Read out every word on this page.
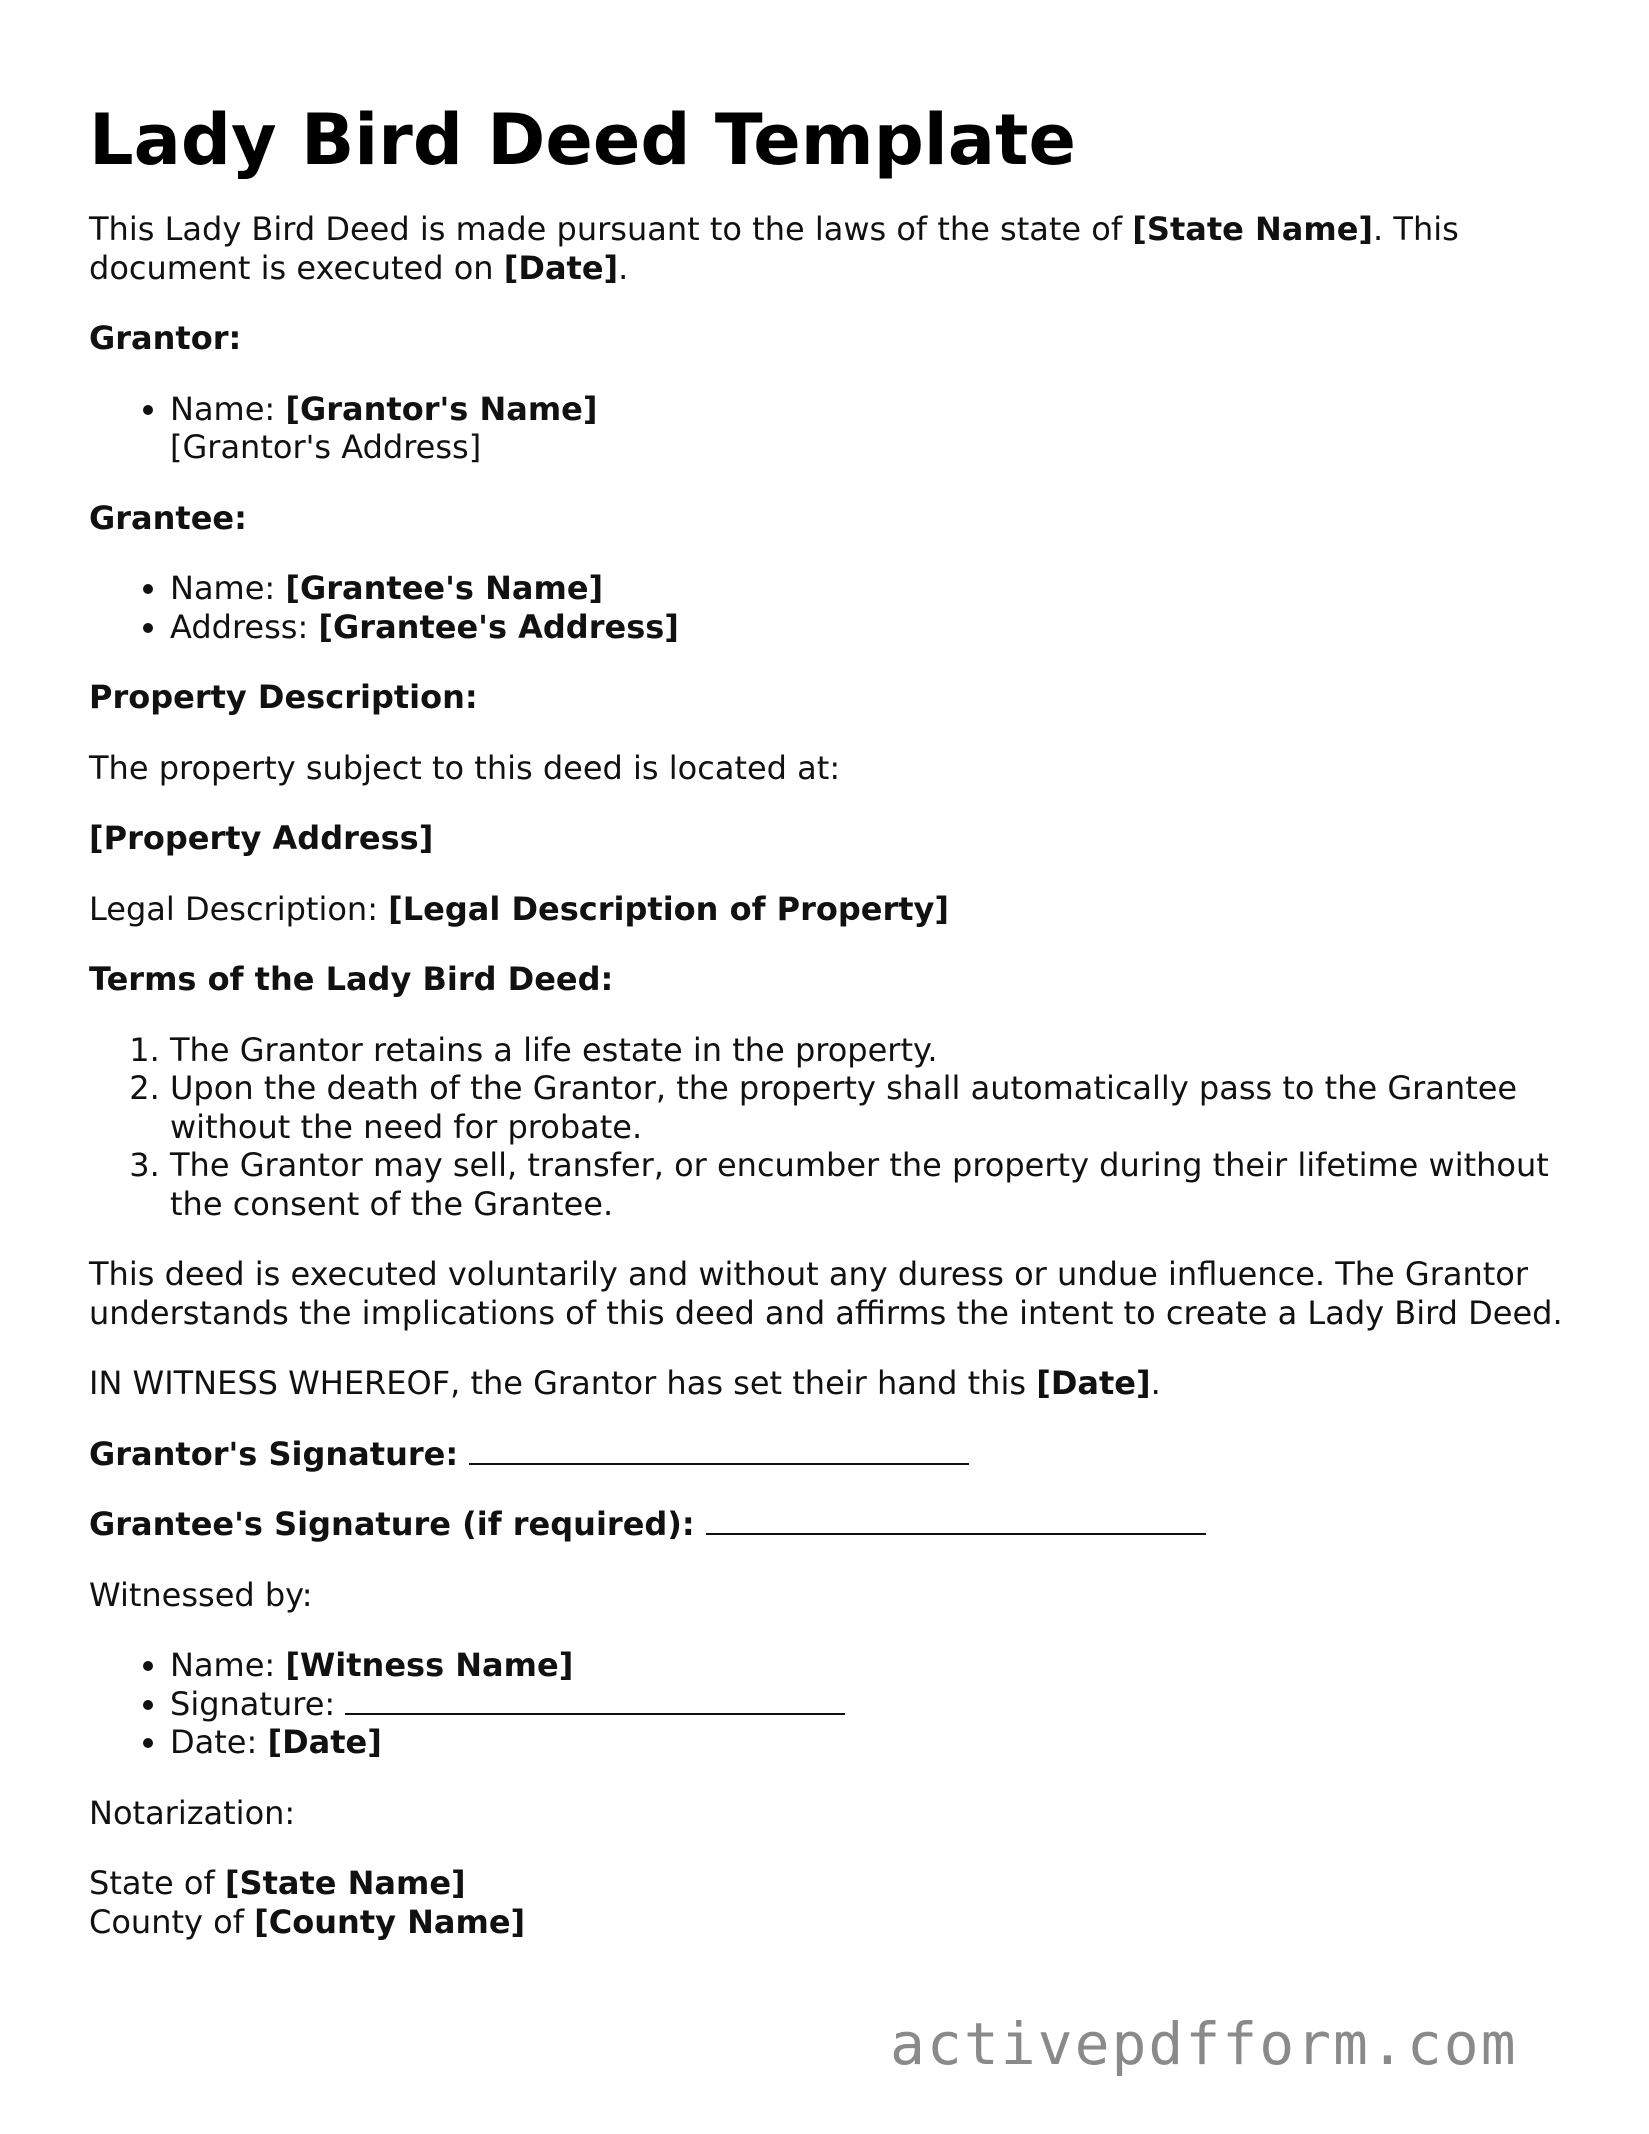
Lady Bird Deed Template

This Lady Bird Deed is made pursuant to the laws of the state of [State Name]. This document is executed on [Date].

Grantor:

• Name: [Grantor's Name]
[Grantor's Address]

Grantee:

• Name: [Grantee's Name]
• Address: [Grantee's Address]

Property Description:

The property subject to this deed is located at:

[Property Address]

Legal Description: [Legal Description of Property]

Terms of the Lady Bird Deed:

1. The Grantor retains a life estate in the property.
2. Upon the death of the Grantor, the property shall automatically pass to the Grantee without the need for probate.
3. The Grantor may sell, transfer, or encumber the property during their lifetime without the consent of the Grantee.

This deed is executed voluntarily and without any duress or undue influence. The Grantor understands the implications of this deed and affirms the intent to create a Lady Bird Deed.

IN WITNESS WHEREOF, the Grantor has set their hand this [Date].

Grantor's Signature:

Grantee's Signature (if required):

Witnessed by:

• Name: [Witness Name]
• Signature:
• Date: [Date]

Notarization:

State of [State Name]
County of [County Name]

activepdfform.com
